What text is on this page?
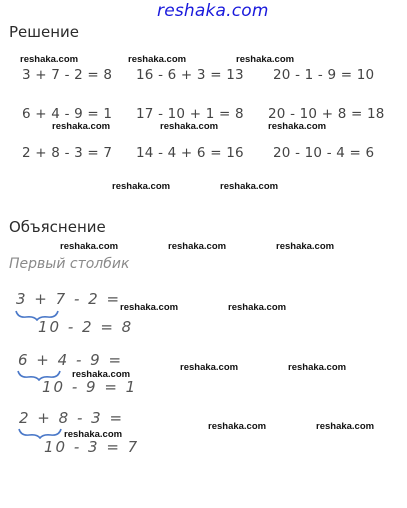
reshaka.com
Решение
reshaka.com	reshaka.com	reshaka.com
3 + 7 - 2 = 8 16 - 6 + 3 = 13 20 - 1 - 9 = 10
6 + 4 - 9 = 1 17 - 10 + 1 = 8 20 - 10 + 8 = 18
reshaka.com	reshaka.com	reshaka.com
2 + 8 - 3 = 7 14 - 4 + 6 = 16 20 - 10 - 4 = 6
reshaka.com	reshaka.com
Объяснение
reshaka.com	reshaka.com	reshaka.com
Первый столбик
3 + 7 - 2 =
10 - 2 = 8
reshaka.com	reshaka.com
6 + 4 - 9 =
reshaka.com
10 - 9 = 1
reshaka.com	reshaka.com
2 + 8 - 3 =
reshaka.com
10 - 3 = 7
reshaka.com	reshaka.com
